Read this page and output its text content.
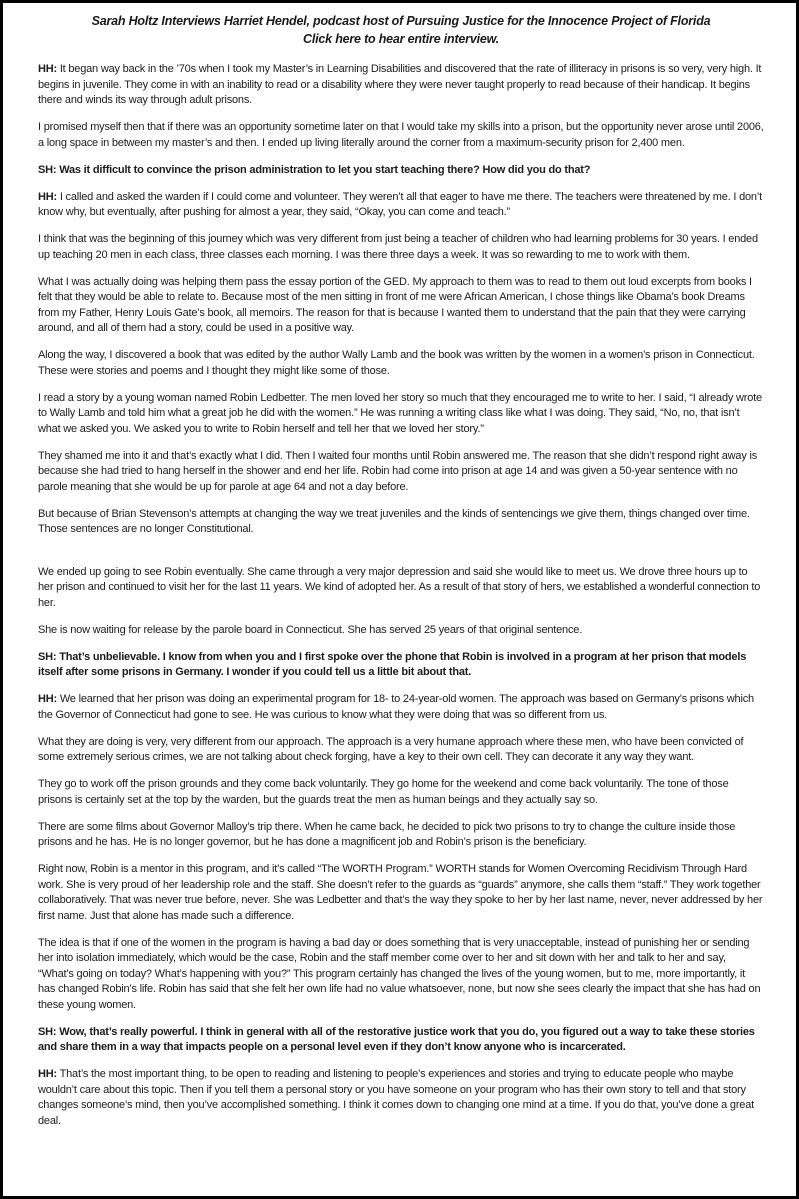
Sarah Holtz Interviews Harriet Hendel, podcast host of Pursuing Justice for the Innocence Project of Florida
Click here to hear entire interview.

HH: It began way back in the ’70s when I took my Master’s in Learning Disabilities and discovered that the rate of illiteracy in prisons is so very, very high. It begins in juvenile. They come in with an inability to read or a disability where they were never taught properly to read because of their handicap. It begins there and winds its way through adult prisons.

I promised myself then that if there was an opportunity sometime later on that I would take my skills into a prison, but the opportunity never arose until 2006, a long space in between my master’s and then. I ended up living literally around the corner from a maximum-security prison for 2,400 men.

SH: Was it difficult to convince the prison administration to let you start teaching there? How did you do that?

HH: I called and asked the warden if I could come and volunteer. They weren’t all that eager to have me there. The teachers were threatened by me. I don’t know why, but eventually, after pushing for almost a year, they said, “Okay, you can come and teach.”

I think that was the beginning of this journey which was very different from just being a teacher of children who had learning problems for 30 years. I ended up teaching 20 men in each class, three classes each morning. I was there three days a week. It was so rewarding to me to work with them.

What I was actually doing was helping them pass the essay portion of the GED. My approach to them was to read to them out loud excerpts from books I felt that they would be able to relate to. Because most of the men sitting in front of me were African American, I chose things like Obama’s book Dreams from my Father, Henry Louis Gate’s book, all memoirs. The reason for that is because I wanted them to understand that the pain that they were carrying around, and all of them had a story, could be used in a positive way.

Along the way, I discovered a book that was edited by the author Wally Lamb and the book was written by the women in a women’s prison in Connecticut. These were stories and poems and I thought they might like some of those.

I read a story by a young woman named Robin Ledbetter. The men loved her story so much that they encouraged me to write to her. I said, “I already wrote to Wally Lamb and told him what a great job he did with the women.” He was running a writing class like what I was doing. They said, “No, no, that isn’t what we asked you. We asked you to write to Robin herself and tell her that we loved her story.”

They shamed me into it and that’s exactly what I did. Then I waited four months until Robin answered me. The reason that she didn’t respond right away is because she had tried to hang herself in the shower and end her life. Robin had come into prison at age 14 and was given a 50-year sentence with no parole meaning that she would be up for parole at age 64 and not a day before.

But because of Brian Stevenson’s attempts at changing the way we treat juveniles and the kinds of sentencings we give them, things changed over time. Those sentences are no longer Constitutional.

We ended up going to see Robin eventually. She came through a very major depression and said she would like to meet us. We drove three hours up to her prison and continued to visit her for the last 11 years. We kind of adopted her. As a result of that story of hers, we established a wonderful connection to her.

She is now waiting for release by the parole board in Connecticut. She has served 25 years of that original sentence.

SH: That’s unbelievable. I know from when you and I first spoke over the phone that Robin is involved in a program at her prison that models itself after some prisons in Germany. I wonder if you could tell us a little bit about that.

HH: We learned that her prison was doing an experimental program for 18- to 24-year-old women. The approach was based on Germany’s prisons which the Governor of Connecticut had gone to see. He was curious to know what they were doing that was so different from us.

What they are doing is very, very different from our approach. The approach is a very humane approach where these men, who have been convicted of some extremely serious crimes, we are not talking about check forging, have a key to their own cell. They can decorate it any way they want.

They go to work off the prison grounds and they come back voluntarily. They go home for the weekend and come back voluntarily. The tone of those prisons is certainly set at the top by the warden, but the guards treat the men as human beings and they actually say so.

There are some films about Governor Malloy’s trip there. When he came back, he decided to pick two prisons to try to change the culture inside those prisons and he has. He is no longer governor, but he has done a magnificent job and Robin’s prison is the beneficiary.

Right now, Robin is a mentor in this program, and it’s called “The WORTH Program.” WORTH stands for Women Overcoming Recidivism Through Hard work. She is very proud of her leadership role and the staff. She doesn’t refer to the guards as “guards” anymore, she calls them “staff.” They work together collaboratively. That was never true before, never. She was Ledbetter and that’s the way they spoke to her by her last name, never, never addressed by her first name. Just that alone has made such a difference.

The idea is that if one of the women in the program is having a bad day or does something that is very unacceptable, instead of punishing her or sending her into isolation immediately, which would be the case, Robin and the staff member come over to her and sit down with her and talk to her and say, “What’s going on today? What’s happening with you?” This program certainly has changed the lives of the young women, but to me, more importantly, it has changed Robin’s life. Robin has said that she felt her own life had no value whatsoever, none, but now she sees clearly the impact that she has had on these young women.

SH: Wow, that’s really powerful. I think in general with all of the restorative justice work that you do, you figured out a way to take these stories and share them in a way that impacts people on a personal level even if they don’t know anyone who is incarcerated.

HH: That’s the most important thing, to be open to reading and listening to people’s experiences and stories and trying to educate people who maybe wouldn’t care about this topic. Then if you tell them a personal story or you have someone on your program who has their own story to tell and that story changes someone’s mind, then you’ve accomplished something. I think it comes down to changing one mind at a time. If you do that, you’ve done a great deal.
